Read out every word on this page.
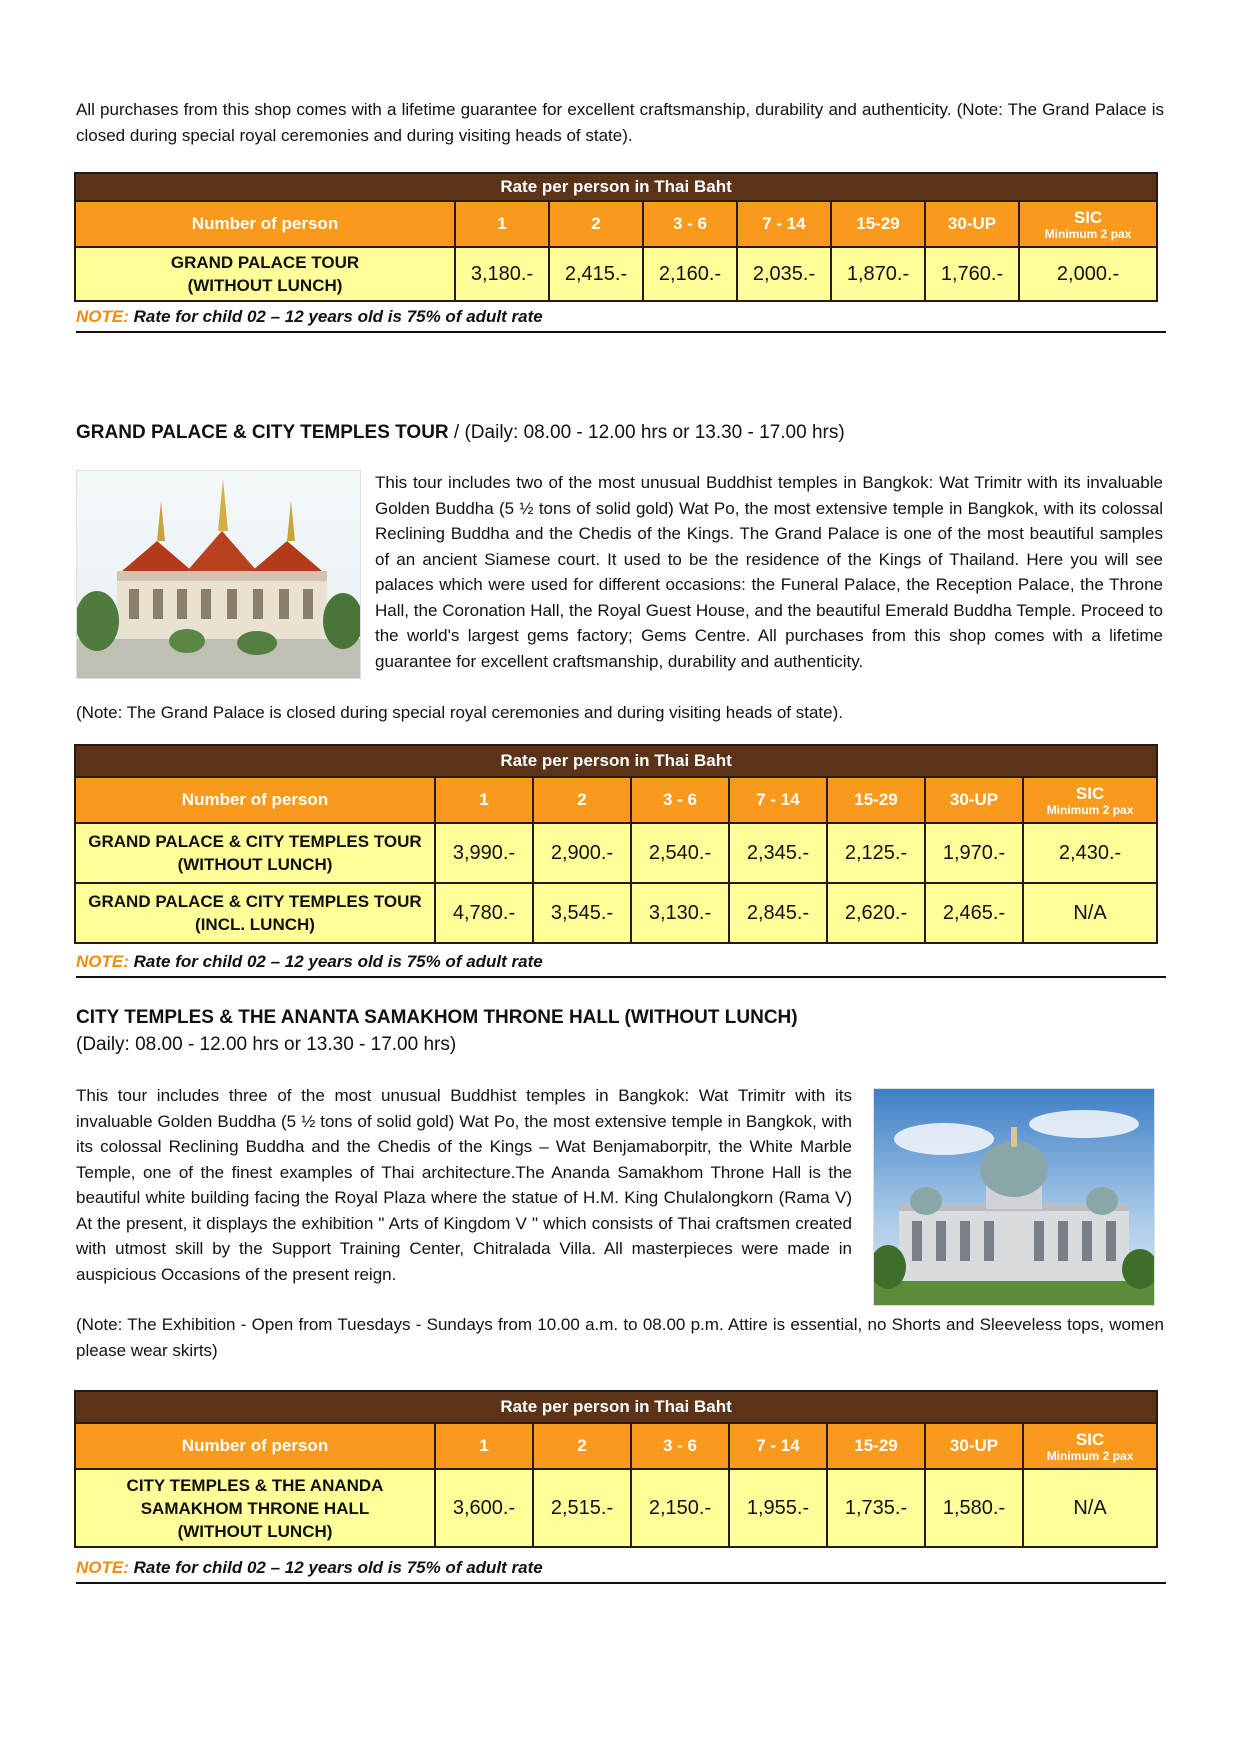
All purchases from this shop comes with a lifetime guarantee for excellent craftsmanship, durability and authenticity. (Note: The Grand Palace is closed during special royal ceremonies and during visiting heads of state).

Rate per person in Thai Baht							
Number of person	1	2	3 - 6	7 - 14	15-29	30-UP	SIC
Minimum 2 pax

GRAND PALACE TOUR
(WITHOUT LUNCH)	3,180.-	2,415.-	2,160.-	2,035.-	1,870.-	1,760.-	2,000.-
NOTE: Rate for child 02 – 12 years old is 75% of adult rate

GRAND PALACE & CITY TEMPLES TOUR / (Daily: 08.00 - 12.00 hrs or 13.30 - 17.00 hrs)

This tour includes two of the most unusual Buddhist temples in Bangkok: Wat Trimitr with its invaluable Golden Buddha (5 ½ tons of solid gold) Wat Po, the most extensive temple in Bangkok, with its colossal Reclining Buddha and the Chedis of the Kings. The Grand Palace is one of the most beautiful samples of an ancient Siamese court. It used to be the residence of the Kings of Thailand. Here you will see palaces which were used for different occasions: the Funeral Palace, the Reception Palace, the Throne Hall, the Coronation Hall, the Royal Guest House, and the beautiful Emerald Buddha Temple. Proceed to the world's largest gems factory; Gems Centre. All purchases from this shop comes with a lifetime guarantee for excellent craftsmanship, durability and authenticity.

(Note: The Grand Palace is closed during special royal ceremonies and during visiting heads of state).

Rate per person in Thai Baht							
Number of person	1	2	3 - 6	7 - 14	15-29	30-UP	SIC
Minimum 2 pax

GRAND PALACE & CITY TEMPLES TOUR
(WITHOUT LUNCH)	3,990.-	2,900.-	2,540.-	2,345.-	2,125.-	1,970.-	2,430.-
GRAND PALACE & CITY TEMPLES TOUR
(INCL. LUNCH)	4,780.-	3,545.-	3,130.-	2,845.-	2,620.-	2,465.-	N/A
NOTE: Rate for child 02 – 12 years old is 75% of adult rate

CITY TEMPLES & THE ANANTA SAMAKHOM THRONE HALL (WITHOUT LUNCH)

(Daily: 08.00 - 12.00 hrs or 13.30 - 17.00 hrs)

This tour includes three of the most unusual Buddhist temples in Bangkok: Wat Trimitr with its invaluable Golden Buddha (5 ½ tons of solid gold) Wat Po, the most extensive temple in Bangkok, with its colossal Reclining Buddha and the Chedis of the Kings – Wat Benjamaborpitr, the White Marble Temple, one of the finest examples of Thai architecture.The Ananda Samakhom Throne Hall is the beautiful white building facing the Royal Plaza where the statue of H.M. King Chulalongkorn (Rama V) At the present, it displays the exhibition " Arts of Kingdom V " which consists of Thai craftsmen created with utmost skill by the Support Training Center, Chitralada Villa. All masterpieces were made in auspicious Occasions of the present reign.

(Note: The Exhibition - Open from Tuesdays - Sundays from 10.00 a.m. to 08.00 p.m. Attire is essential, no Shorts and Sleeveless tops, women please wear skirts)

Rate per person in Thai Baht							
Number of person	1	2	3 - 6	7 - 14	15-29	30-UP	SIC
Minimum 2 pax

CITY TEMPLES & THE ANANDA
SAMAKHOM THRONE HALL
(WITHOUT LUNCH)	3,600.-	2,515.-	2,150.-	1,955.-	1,735.-	1,580.-	N/A
NOTE: Rate for child 02 – 12 years old is 75% of adult rate
